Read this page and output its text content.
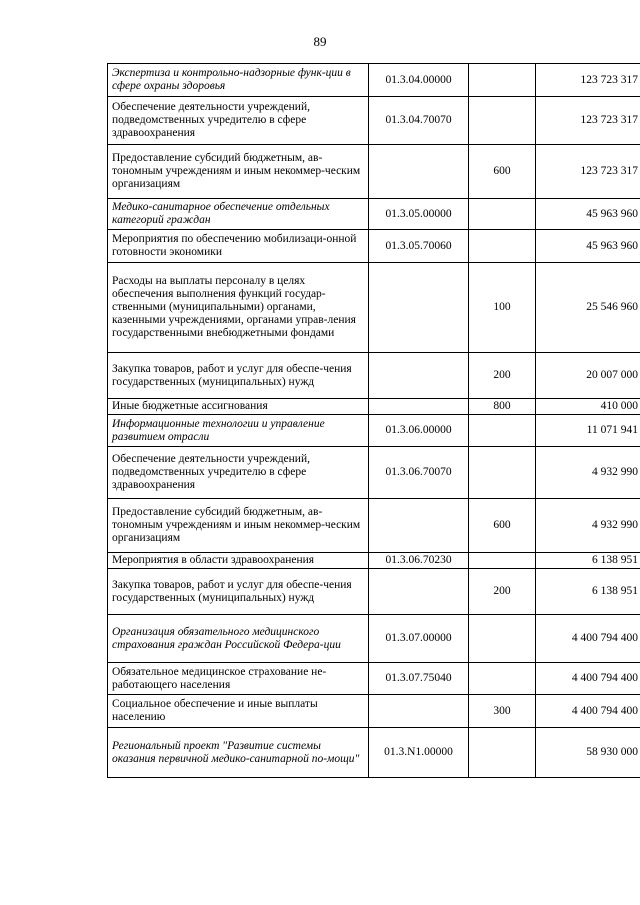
89
Экспертиза и контрольно-надзорные функ-ции в сфере охраны здоровья	01.3.04.00000		123 723 317
Обеспечение деятельности учреждений, подведомственных учредителю в сфере здравоохранения	01.3.04.70070		123 723 317
Предоставление субсидий бюджетным, ав-тономным учреждениям и иным некоммер-ческим организациям		600	123 723 317
Медико-санитарное обеспечение отдельных категорий граждан	01.3.05.00000		45 963 960
Мероприятия по обеспечению мобилизаци-онной готовности экономики	01.3.05.70060		45 963 960
Расходы на выплаты персоналу в целях обеспечения выполнения функций государ-ственными (муниципальными) органами, казенными учреждениями, органами управ-ления государственными внебюджетными фондами		100	25 546 960
Закупка товаров, работ и услуг для обеспе-чения государственных (муниципальных) нужд		200	20 007 000
Иные бюджетные ассигнования		800	410 000
Информационные технологии и управление развитием отрасли	01.3.06.00000		11 071 941
Обеспечение деятельности учреждений, подведомственных учредителю в сфере здравоохранения	01.3.06.70070		4 932 990
Предоставление субсидий бюджетным, ав-тономным учреждениям и иным некоммер-ческим организациям		600	4 932 990
Мероприятия в области здравоохранения	01.3.06.70230		6 138 951
Закупка товаров, работ и услуг для обеспе-чения государственных (муниципальных) нужд		200	6 138 951
Организация обязательного медицинского страхования граждан Российской Федера-ции	01.3.07.00000		4 400 794 400
Обязательное медицинское страхование не-работающего населения	01.3.07.75040		4 400 794 400
Социальное обеспечение и иные выплаты населению		300	4 400 794 400
Региональный проект "Развитие системы оказания первичной медико-санитарной по-мощи"	01.3.N1.00000		58 930 000
